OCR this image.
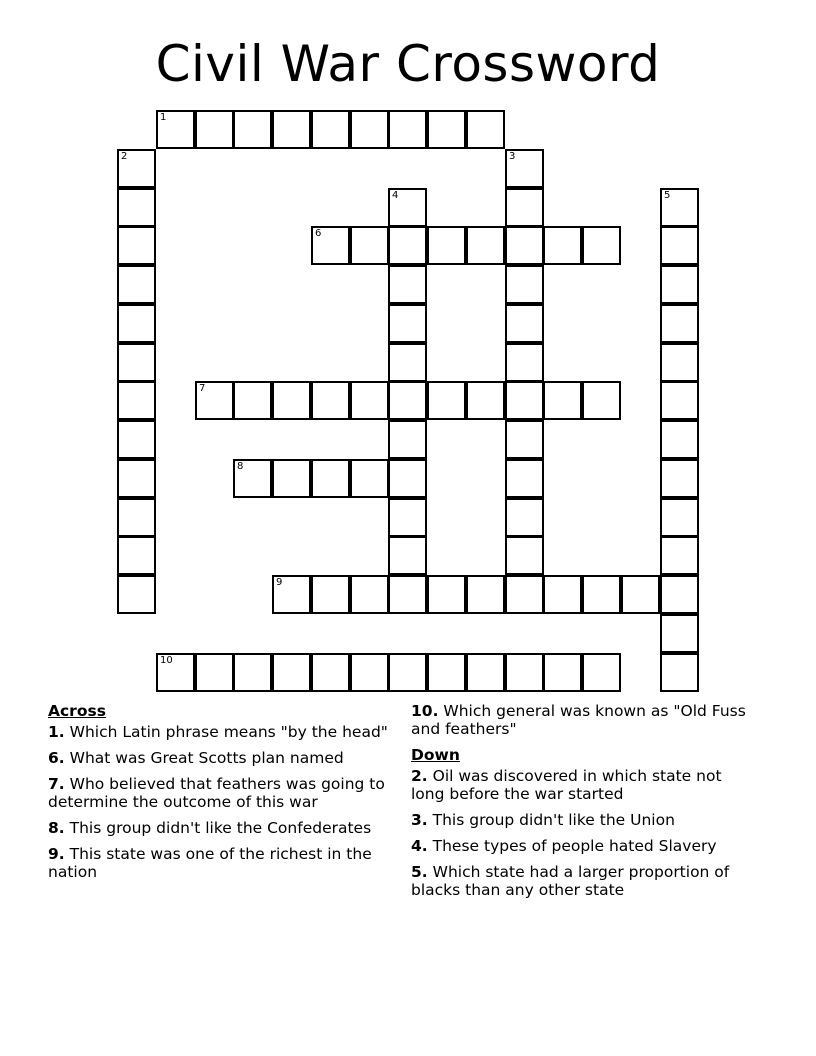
Civil War Crossword
1
2	3
4	5
6
7
8
9
10
Across
1. Which Latin phrase means "by the head"
6. What was Great Scotts plan named
7. Who believed that feathers was going to determine the outcome of this war
8. This group didn't like the Confederates
9. This state was one of the richest in the nation
10. Which general was known as "Old Fuss and feathers"
Down
2. Oil was discovered in which state not long before the war started
3. This group didn't like the Union
4. These types of people hated Slavery
5. Which state had a larger proportion of blacks than any other state
